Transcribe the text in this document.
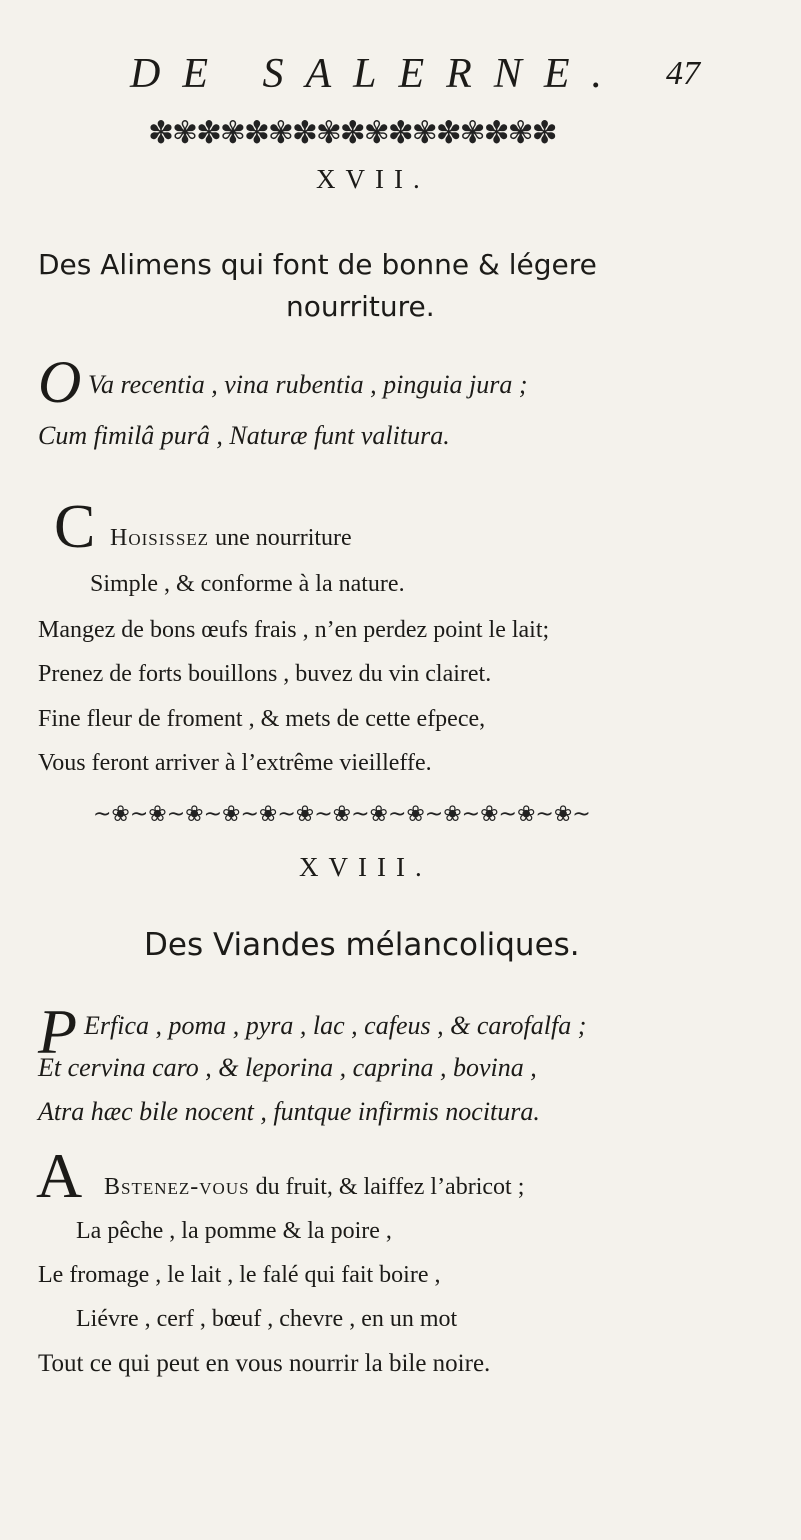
DE SALERNE. 47
✽✾✽✾✽✾✽✾✽✾✽✾✽✾✽✾✽
XVII.
Des Alimens qui font de bonne & légere
nourriture.
O Va recentia , vina rubentia , pinguia jura ;
Cum fimilâ purâ , Naturæ funt valitura.
C Hoisissez une nourriture
Simple , & conforme à la nature.
Mangez de bons œufs frais , n’en perdez point le lait;
Prenez de forts bouillons , buvez du vin clairet.
Fine fleur de froment , & mets de cette efpece,
Vous feront arriver à l’extrême vieilleffe.
~❀~❀~❀~❀~❀~❀~❀~❀~❀~❀~❀~❀~❀~
XVIII.
Des Viandes mélancoliques.
P Erfica , poma , pyra , lac , cafeus , & carofalfa ;
Et cervina caro , & leporina , caprina , bovina ,
Atra hæc bile nocent , funtque infirmis nocitura.
A Bstenez-vous du fruit, & laiffez l’abricot ;
La pêche , la pomme & la poire ,
Le fromage , le lait , le falé qui fait boire ,
Liévre , cerf , bœuf , chevre , en un mot
Tout ce qui peut en vous nourrir la bile noire.
